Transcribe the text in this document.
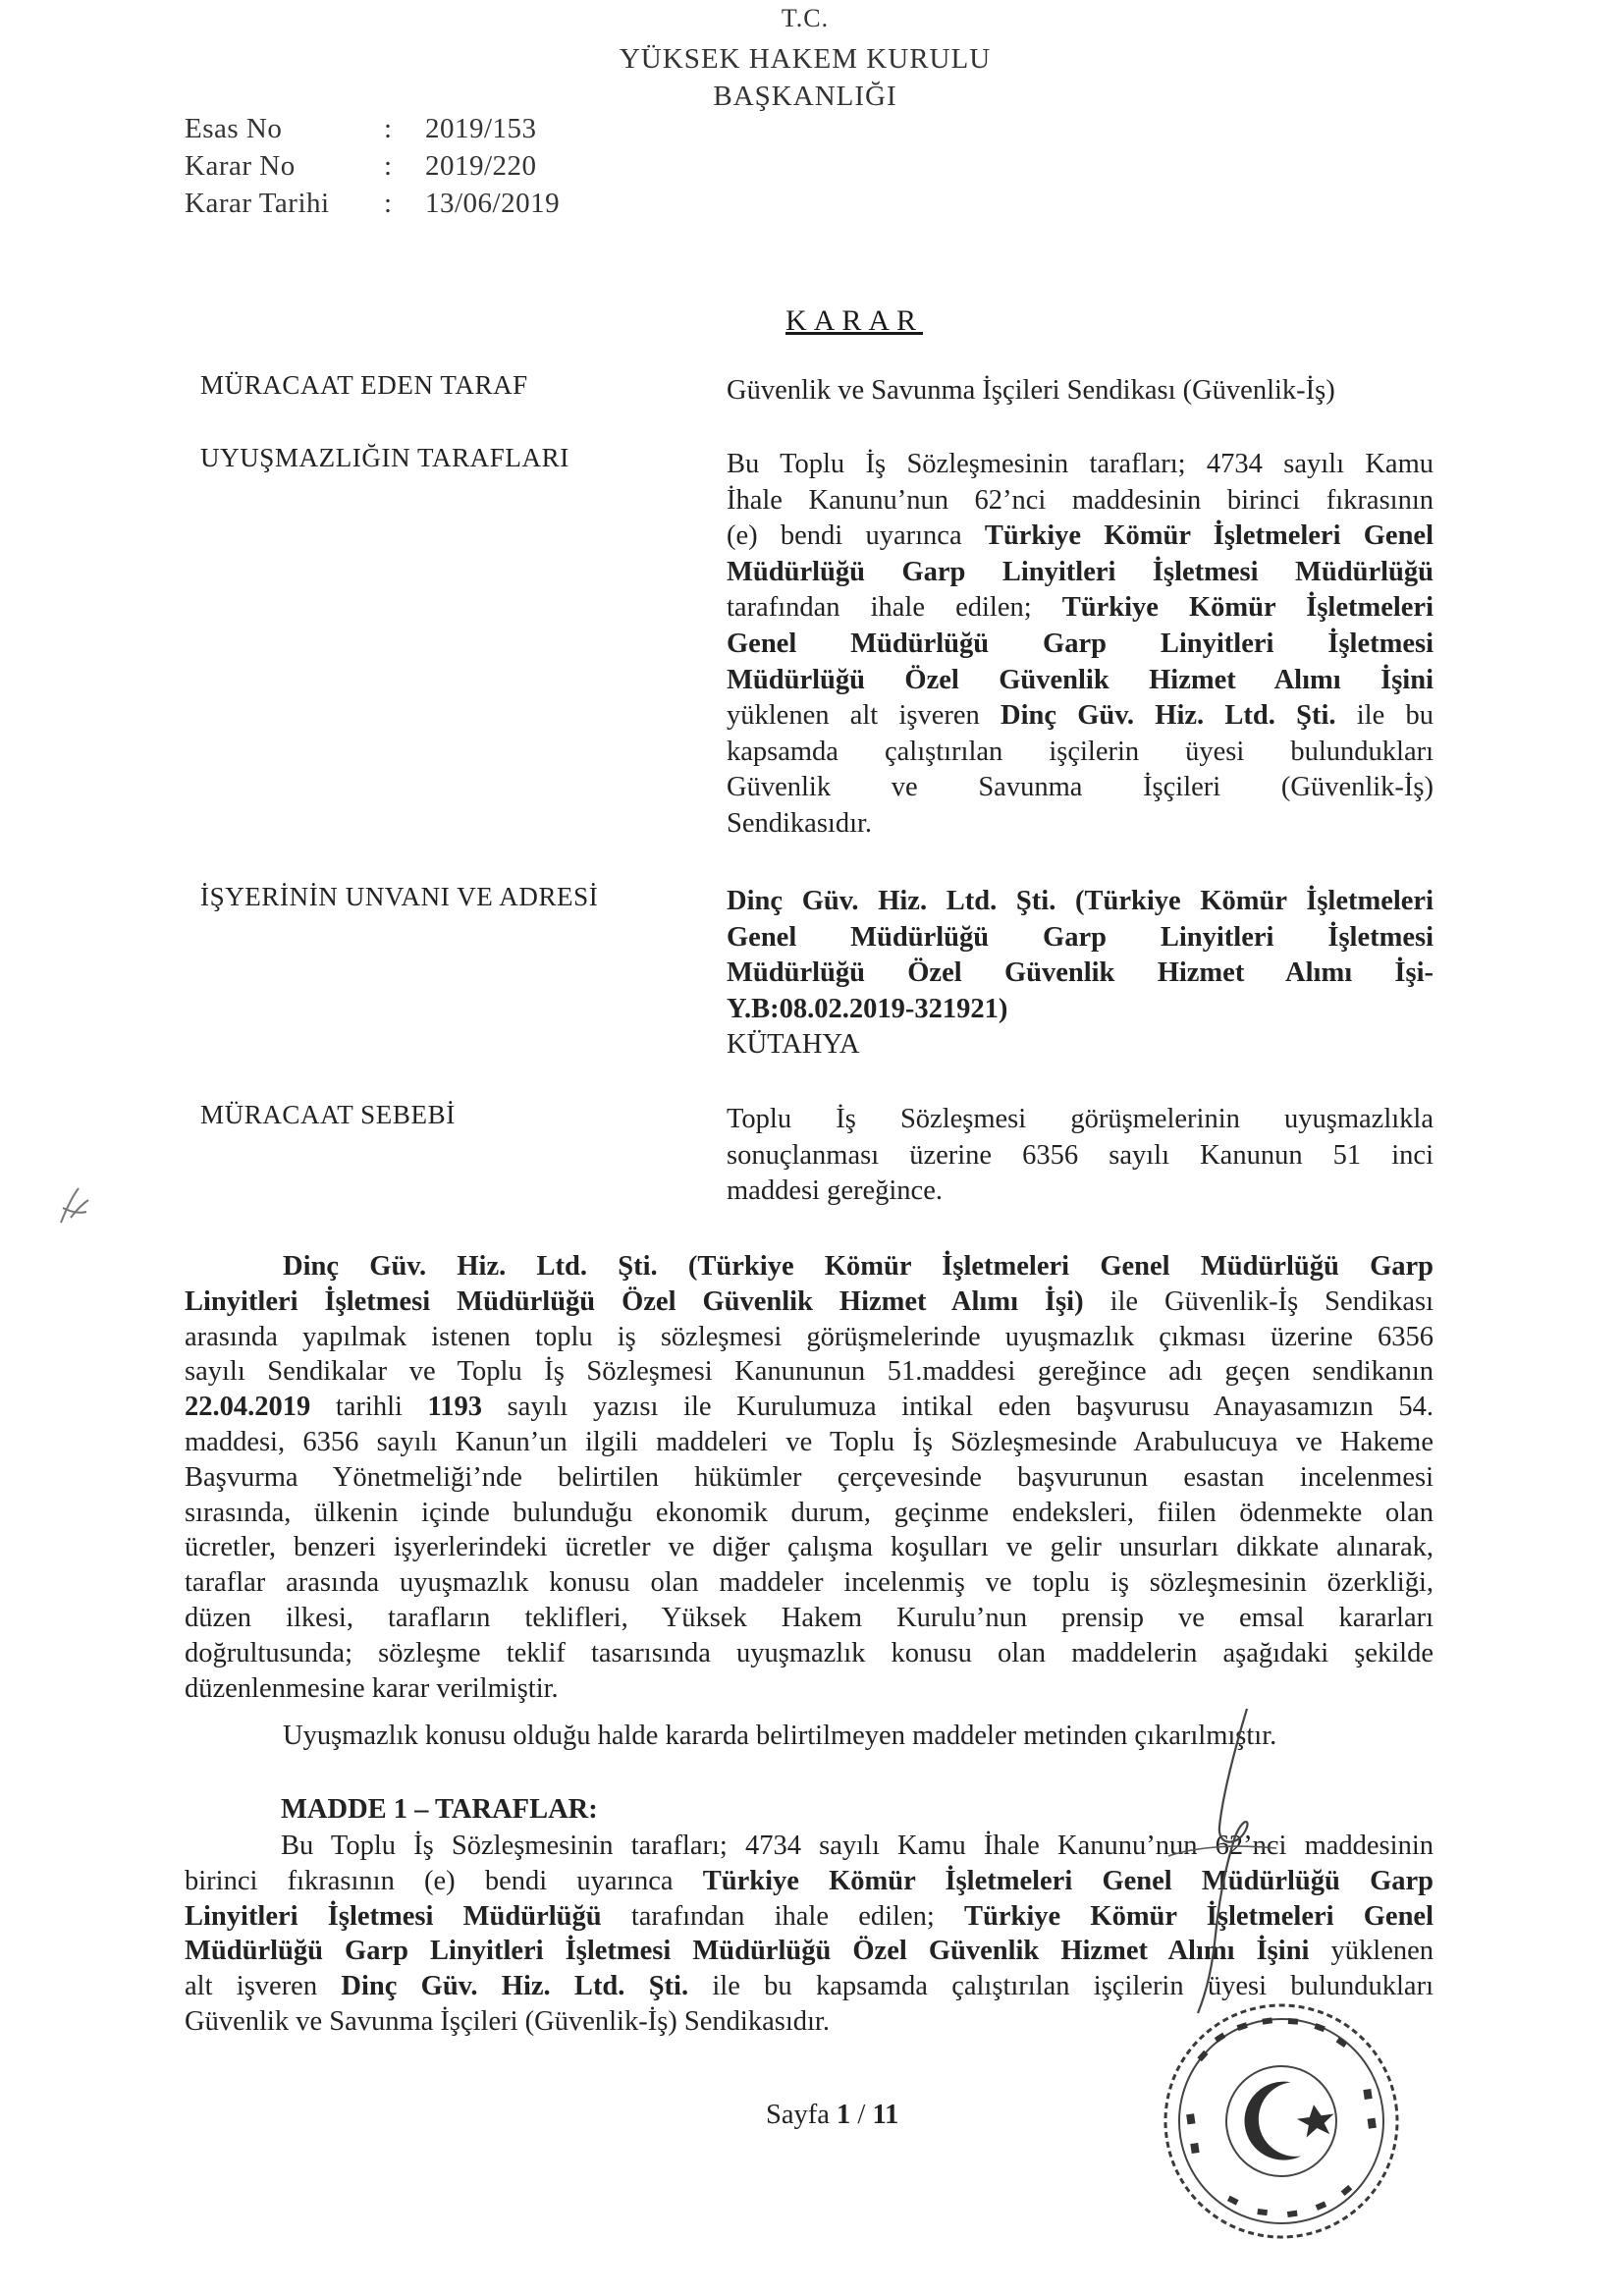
T.C.
YÜKSEK HAKEM KURULU
BAŞKANLIĞI
Esas No	: 2019/153
Karar No	: 2019/220
Karar Tarihi	: 13/06/2019
KARAR
MÜRACAAT EDEN TARAF	Güvenlik ve Savunma İşçileri Sendikası (Güvenlik-İş)
UYUŞMAZLIĞIN TARAFLARI	Bu Toplu İş Sözleşmesinin tarafları; 4734 sayılı Kamu
İhale Kanunu’nun 62’nci maddesinin birinci fıkrasının
(e) bendi uyarınca Türkiye Kömür İşletmeleri Genel
Müdürlüğü Garp Linyitleri İşletmesi Müdürlüğü
tarafından ihale edilen; Türkiye Kömür İşletmeleri
Genel Müdürlüğü Garp Linyitleri İşletmesi
Müdürlüğü Özel Güvenlik Hizmet Alımı İşini
yüklenen alt işveren Dinç Güv. Hiz. Ltd. Şti. ile bu
kapsamda çalıştırılan işçilerin üyesi bulundukları
Güvenlik ve Savunma İşçileri (Güvenlik-İş)
Sendikasıdır.
İŞYERİNİN UNVANI VE ADRESİ	Dinç Güv. Hiz. Ltd. Şti. (Türkiye Kömür İşletmeleri
Genel Müdürlüğü Garp Linyitleri İşletmesi
Müdürlüğü Özel Güvenlik Hizmet Alımı İşi-
Y.B:08.02.2019-321921)
KÜTAHYA
MÜRACAAT SEBEBİ	Toplu İş Sözleşmesi görüşmelerinin uyuşmazlıkla
sonuçlanması üzerine 6356 sayılı Kanunun 51 inci
maddesi gereğince.
Dinç Güv. Hiz. Ltd. Şti. (Türkiye Kömür İşletmeleri Genel Müdürlüğü Garp
Linyitleri İşletmesi Müdürlüğü Özel Güvenlik Hizmet Alımı İşi) ile Güvenlik-İş Sendikası
arasında yapılmak istenen toplu iş sözleşmesi görüşmelerinde uyuşmazlık çıkması üzerine 6356
sayılı Sendikalar ve Toplu İş Sözleşmesi Kanununun 51.maddesi gereğince adı geçen sendikanın
22.04.2019 tarihli 1193 sayılı yazısı ile Kurulumuza intikal eden başvurusu Anayasamızın 54.
maddesi, 6356 sayılı Kanun’un ilgili maddeleri ve Toplu İş Sözleşmesinde Arabulucuya ve Hakeme
Başvurma Yönetmeliği’nde belirtilen hükümler çerçevesinde başvurunun esastan incelenmesi
sırasında, ülkenin içinde bulunduğu ekonomik durum, geçinme endeksleri, fiilen ödenmekte olan
ücretler, benzeri işyerlerindeki ücretler ve diğer çalışma koşulları ve gelir unsurları dikkate alınarak,
taraflar arasında uyuşmazlık konusu olan maddeler incelenmiş ve toplu iş sözleşmesinin özerkliği,
düzen ilkesi, tarafların teklifleri, Yüksek Hakem Kurulu’nun prensip ve emsal kararları
doğrultusunda; sözleşme teklif tasarısında uyuşmazlık konusu olan maddelerin aşağıdaki şekilde
düzenlenmesine karar verilmiştir.
Uyuşmazlık konusu olduğu halde kararda belirtilmeyen maddeler metinden çıkarılmıştır.
MADDE 1 – TARAFLAR:
Bu Toplu İş Sözleşmesinin tarafları; 4734 sayılı Kamu İhale Kanunu’nun 62’nci maddesinin
birinci fıkrasının (e) bendi uyarınca Türkiye Kömür İşletmeleri Genel Müdürlüğü Garp
Linyitleri İşletmesi Müdürlüğü tarafından ihale edilen; Türkiye Kömür İşletmeleri Genel
Müdürlüğü Garp Linyitleri İşletmesi Müdürlüğü Özel Güvenlik Hizmet Alımı İşini yüklenen
alt işveren Dinç Güv. Hiz. Ltd. Şti. ile bu kapsamda çalıştırılan işçilerin üyesi bulundukları
Güvenlik ve Savunma İşçileri (Güvenlik-İş) Sendikasıdır.
Sayfa 1 / 11
